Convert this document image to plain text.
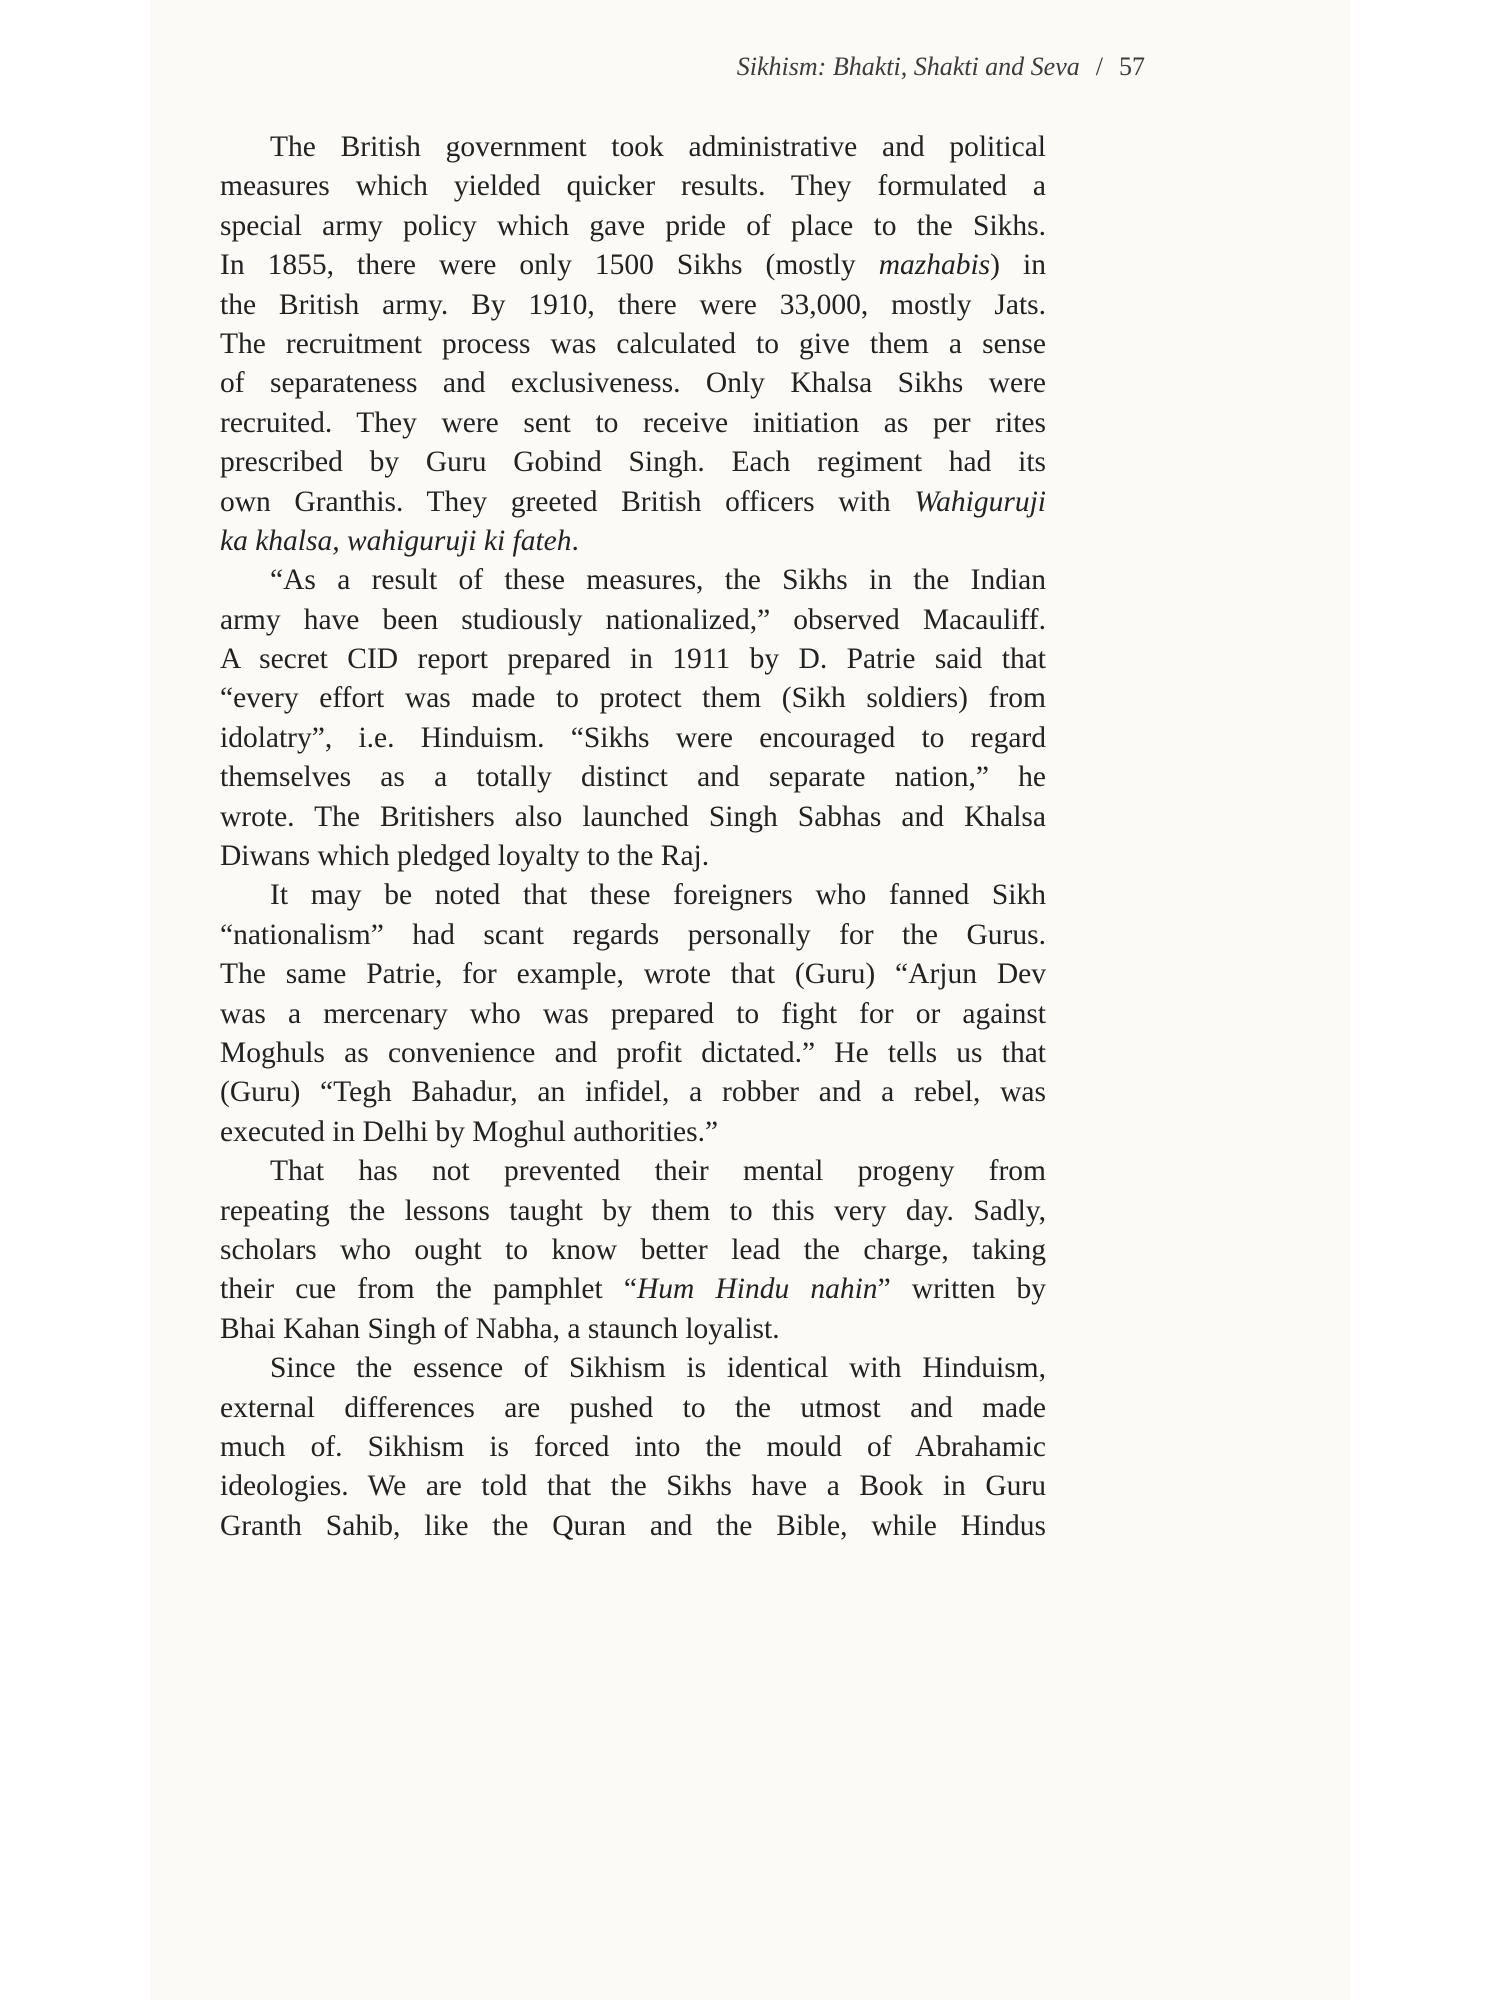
Sikhism: Bhakti, Shakti and Seva / 57
The British government took administrative and political
measures which yielded quicker results. They formulated a
special army policy which gave pride of place to the Sikhs.
In 1855, there were only 1500 Sikhs (mostly mazhabis) in
the British army. By 1910, there were 33,000, mostly Jats.
The recruitment process was calculated to give them a sense
of separateness and exclusiveness. Only Khalsa Sikhs were
recruited. They were sent to receive initiation as per rites
prescribed by Guru Gobind Singh. Each regiment had its
own Granthis. They greeted British officers with Wahiguruji
ka khalsa, wahiguruji ki fateh.
“As a result of these measures, the Sikhs in the Indian
army have been studiously nationalized,” observed Macauliff.
A secret CID report prepared in 1911 by D. Patrie said that
“every effort was made to protect them (Sikh soldiers) from
idolatry”, i.e. Hinduism. “Sikhs were encouraged to regard
themselves as a totally distinct and separate nation,” he
wrote. The Britishers also launched Singh Sabhas and Khalsa
Diwans which pledged loyalty to the Raj.
It may be noted that these foreigners who fanned Sikh
“nationalism” had scant regards personally for the Gurus.
The same Patrie, for example, wrote that (Guru) “Arjun Dev
was a mercenary who was prepared to fight for or against
Moghuls as convenience and profit dictated.” He tells us that
(Guru) “Tegh Bahadur, an infidel, a robber and a rebel, was
executed in Delhi by Moghul authorities.”
That has not prevented their mental progeny from
repeating the lessons taught by them to this very day. Sadly,
scholars who ought to know better lead the charge, taking
their cue from the pamphlet “Hum Hindu nahin” written by
Bhai Kahan Singh of Nabha, a staunch loyalist.
Since the essence of Sikhism is identical with Hinduism,
external differences are pushed to the utmost and made
much of. Sikhism is forced into the mould of Abrahamic
ideologies. We are told that the Sikhs have a Book in Guru
Granth Sahib, like the Quran and the Bible, while Hindus
